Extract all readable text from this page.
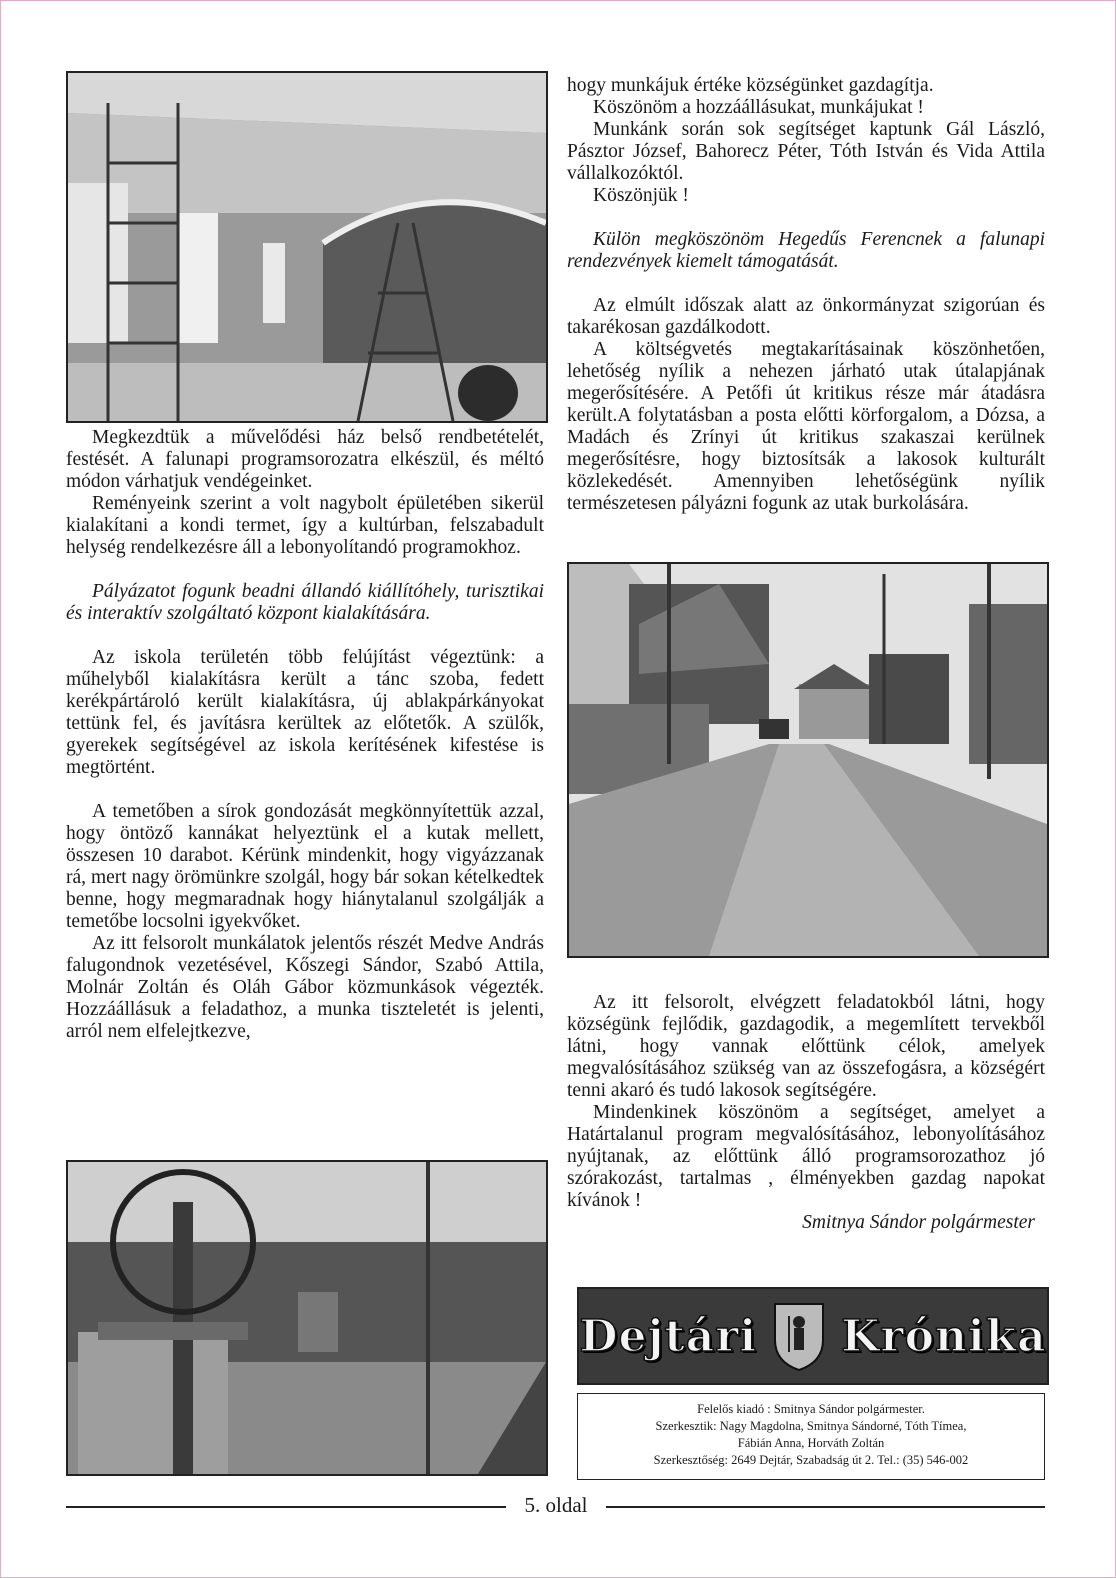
Megkezdtük a művelődési ház belső rendbetételét, festését. A falunapi programsorozatra elkészül, és méltó módon várhatjuk vendégeinket.

Reményeink szerint a volt nagybolt épületében sikerül kialakítani a kondi termet, így a kultúrban, felszabadult helység rendelkezésre áll a lebonyolítandó programokhoz.

Pályázatot fogunk beadni állandó kiállítóhely, turisztikai és interaktív szolgáltató központ kialakítására.

Az iskola területén több felújítást végeztünk: a műhelyből kialakításra került a tánc szoba, fedett kerékpártároló került kialakításra, új ablakpárkányokat tettünk fel, és javításra kerültek az előtetők. A szülők, gyerekek segítségével az iskola kerítésének kifestése is megtörtént.

A temetőben a sírok gondozását megkönnyítettük azzal, hogy öntöző kannákat helyeztünk el a kutak mellett, összesen 10 darabot. Kérünk mindenkit, hogy vigyázzanak rá, mert nagy örömünkre szolgál, hogy bár sokan kételkedtek benne, hogy megmaradnak hogy hiánytalanul szolgálják a temetőbe locsolni igyekvőket.

Az itt felsorolt munkálatok jelentős részét Medve András falugondnok vezetésével, Kőszegi Sándor, Szabó Attila, Molnár Zoltán és Oláh Gábor közmunkások végezték. Hozzáállásuk a feladathoz, a munka tiszteletét is jelenti, arról nem elfelejtkezve,

hogy munkájuk értéke községünket gazdagítja.

Köszönöm a hozzáállásukat, munkájukat !

Munkánk során sok segítséget kaptunk Gál László, Pásztor József, Bahorecz Péter, Tóth István és Vida Attila vállalkozóktól.

Köszönjük !

Külön megköszönöm Hegedűs Ferencnek a falunapi rendezvények kiemelt támogatását.

Az elmúlt időszak alatt az önkormányzat szigorúan és takarékosan gazdálkodott.

A költségvetés megtakarításainak köszönhetően, lehetőség nyílik a nehezen járható utak útalapjának megerősítésére. A Petőfi út kritikus része már átadásra került.A folytatásban a posta előtti körforgalom, a Dózsa, a Madách és Zrínyi út kritikus szakaszai kerülnek megerősítésre, hogy biztosítsák a lakosok kulturált közlekedését. Amennyiben lehetőségünk nyílik természetesen pályázni fogunk az utak burkolására.

Az itt felsorolt, elvégzett feladatokból látni, hogy községünk fejlődik, gazdagodik, a megemlített tervekből látni, hogy vannak előttünk célok, amelyek megvalósításához szükség van az összefogásra, a községért tenni akaró és tudó lakosok segítségére.

Mindenkinek köszönöm a segítséget, amelyet a Határtalanul program megvalósításához, lebonyolításához nyújtanak, az előttünk álló programsorozathoz jó szórakozást, tartalmas , élményekben gazdag napokat kívánok !

Smitnya Sándor polgármester
Dejtári Krónika
Felelős kiadó : Smitnya Sándor polgármester.
Szerkesztik: Nagy Magdolna, Smitnya Sándorné, Tóth Tímea,
Fábián Anna, Horváth Zoltán
Szerkesztőség: 2649 Dejtár, Szabadság út 2. Tel.: (35) 546-002
5. oldal
